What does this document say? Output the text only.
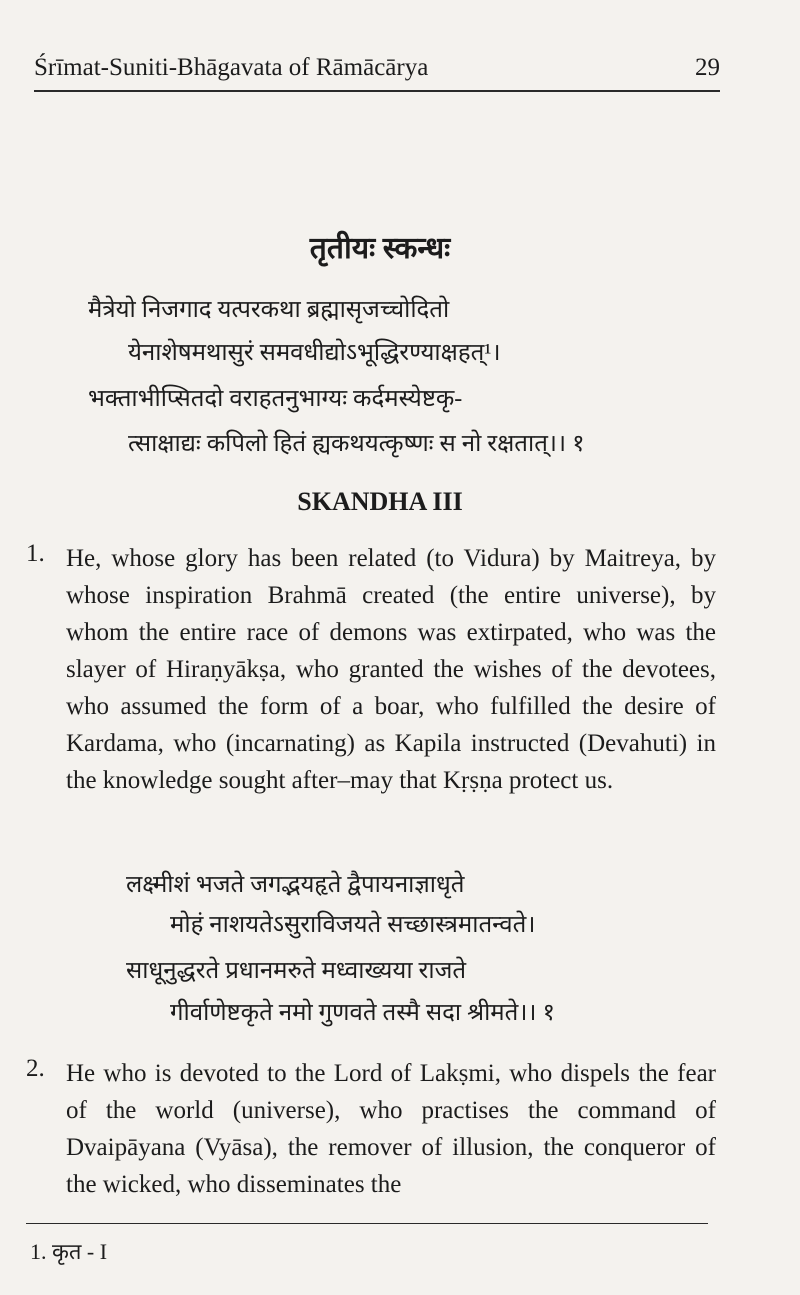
Śrīmat-Suniti-Bhāgavata of Rāmācārya	29
तृतीयः स्कन्धः
मैत्रेयो निजगाद यत्परकथा ब्रह्मासृजच्चोदितो
येनाशेषमथासुरं समवधीद्योऽभूद्धिरण्याक्षहत्¹।
भक्ताभीप्सितदो वराहतनुभाग्यः कर्दमस्येष्टकृ-
त्साक्षाद्यः कपिलो हितं ह्यकथयत्कृष्णः स नो रक्षतात्।। १
SKANDHA III
1. He, whose glory has been related (to Vidura) by Maitreya, by whose inspiration Brahmā created (the entire universe), by whom the entire race of demons was extirpated, who was the slayer of Hiraṇyākṣa, who granted the wishes of the devotees, who assumed the form of a boar, who fulfilled the desire of Kardama, who (incarnating) as Kapila instructed (Devahuti) in the knowledge sought after–may that Kṛṣṇa protect us.
लक्ष्मीशं भजते जगद्भयहृते द्वैपायनाज्ञाधृते
मोहं नाशयतेऽसुराविजयते सच्छास्त्रमातन्वते।
साधूनुद्धरते प्रधानमरुते मध्वाख्यया राजते
गीर्वाणेष्टकृते नमो गुणवते तस्मै सदा श्रीमते।। १
2. He who is devoted to the Lord of Lakṣmi, who dispels the fear of the world (universe), who practises the command of Dvaipāyana (Vyāsa), the remover of illusion, the conqueror of the wicked, who disseminates the
1. कृत - I
